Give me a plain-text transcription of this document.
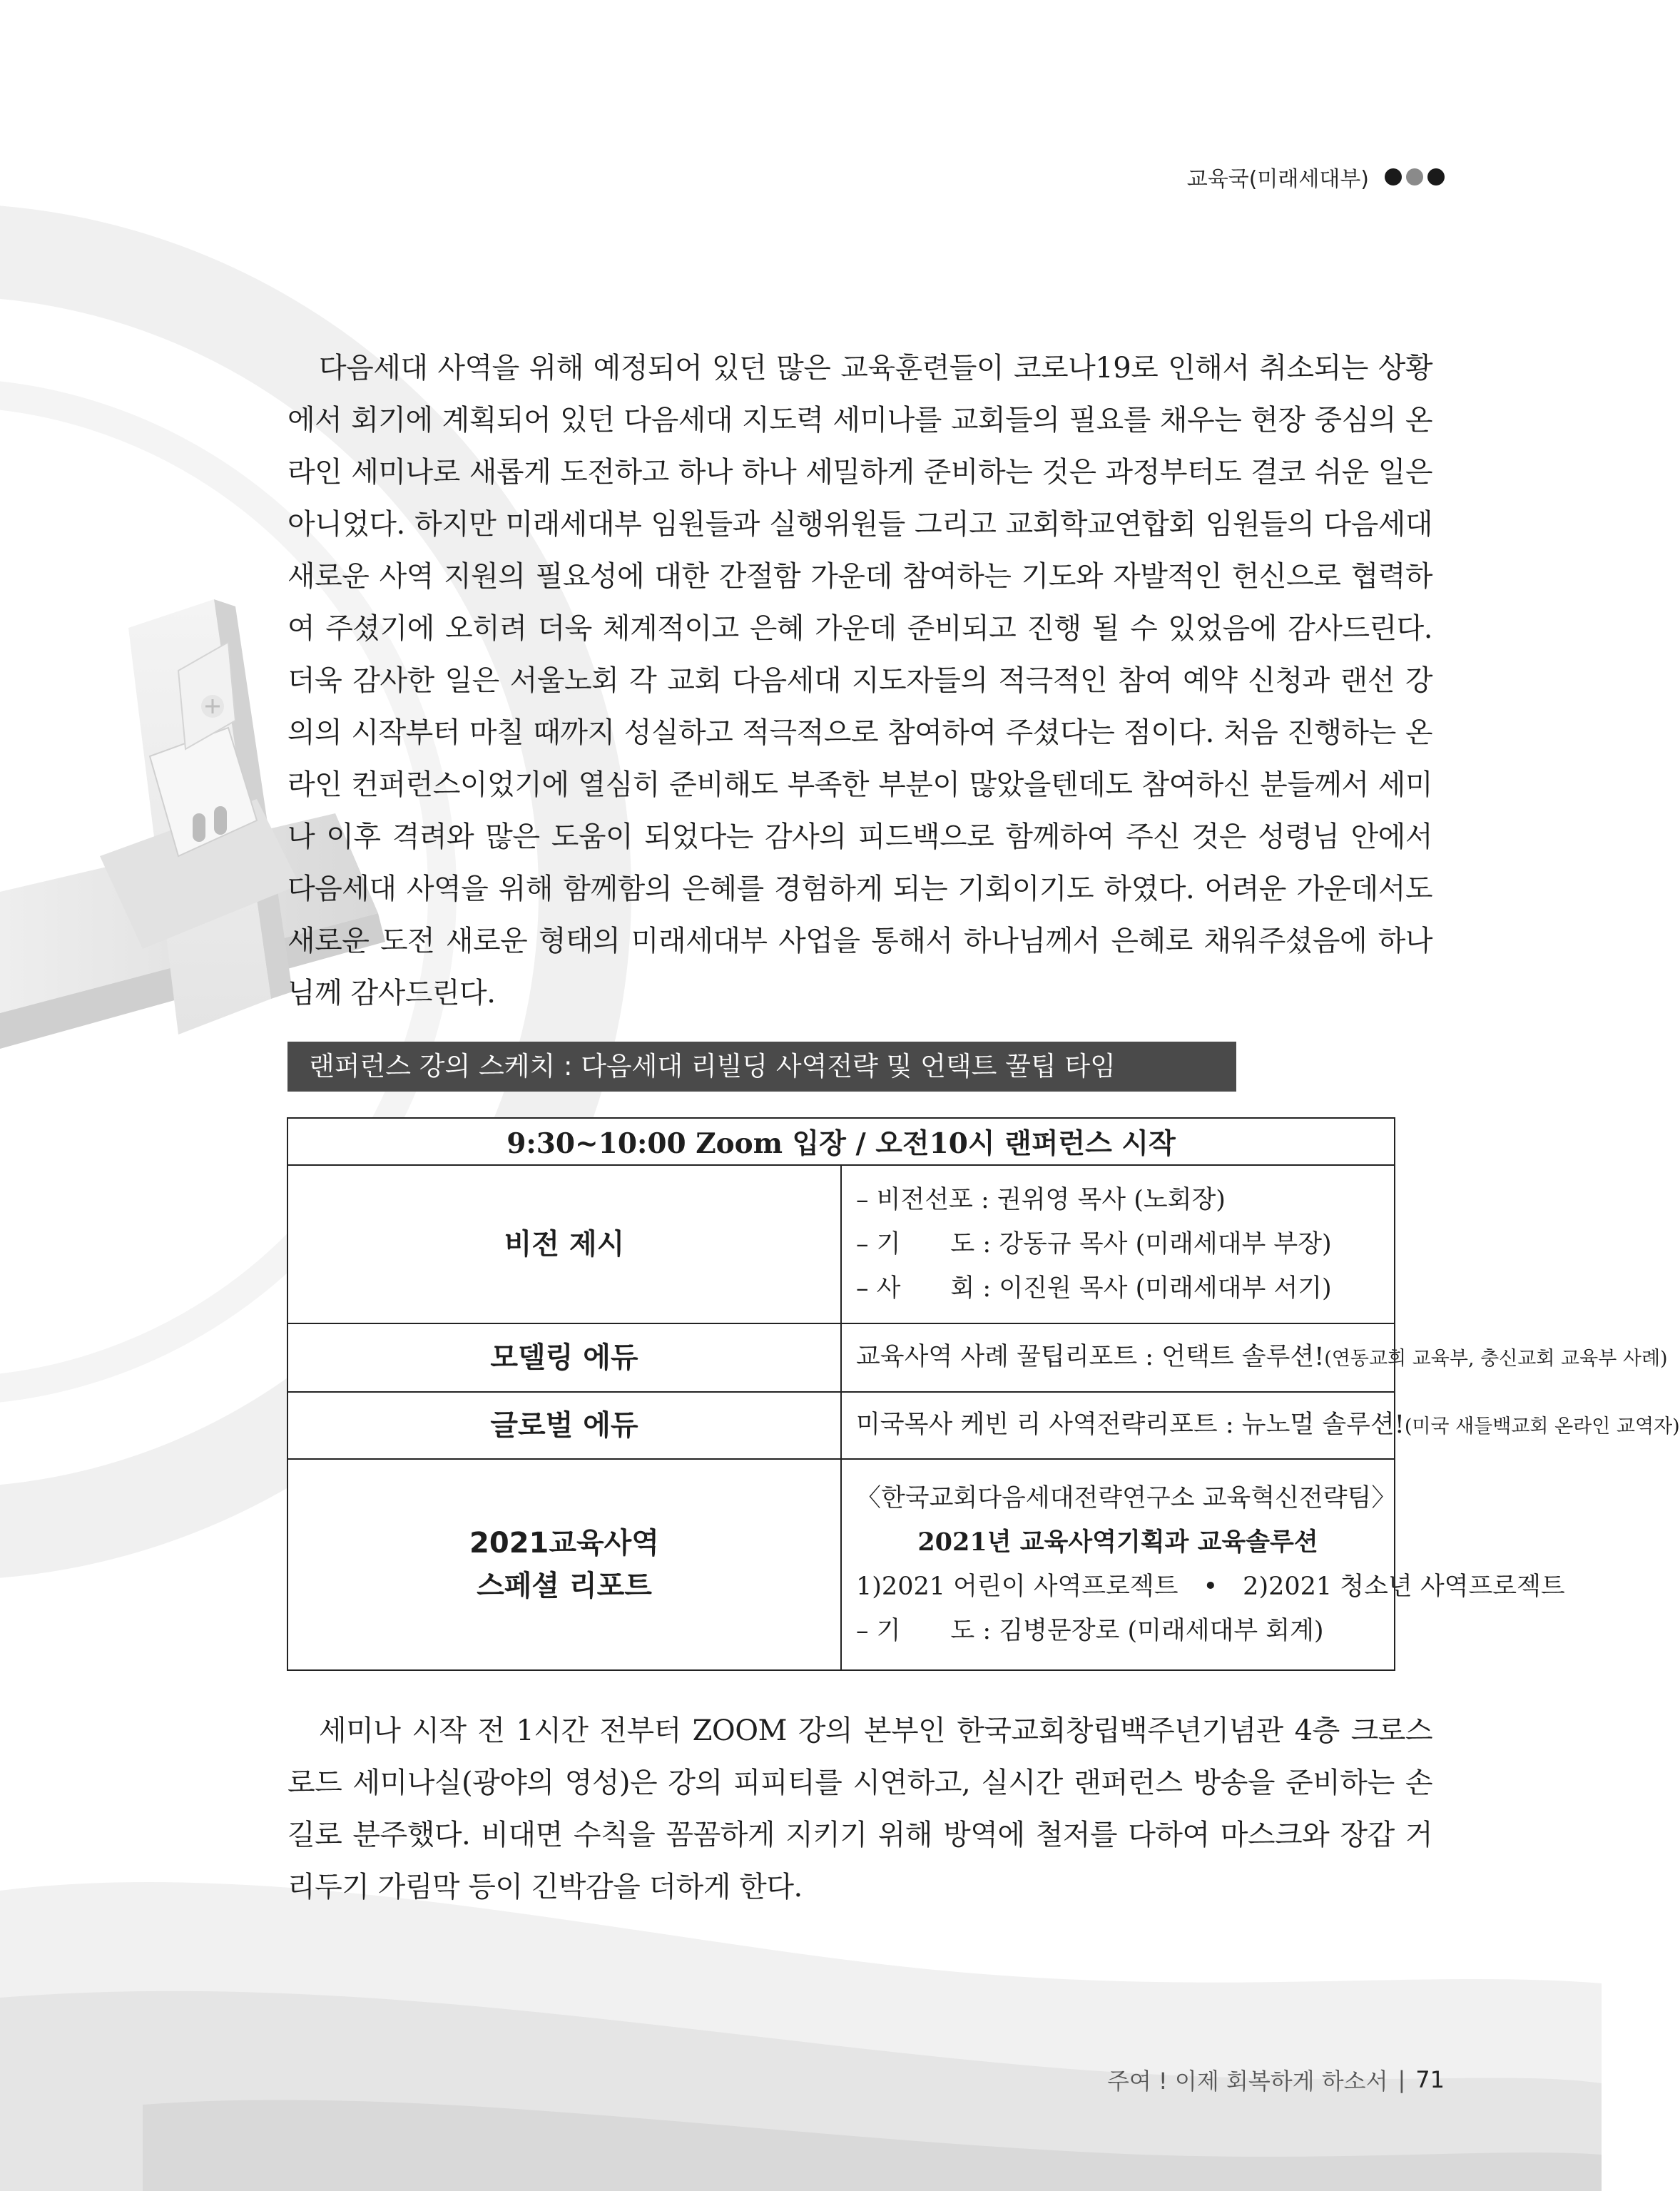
교육국(미래세대부)

다음세대 사역을 위해 예정되어 있던 많은 교육훈련들이 코로나19로 인해서 취소되는 상황에서 회기에 계획되어 있던 다음세대 지도력 세미나를 교회들의 필요를 채우는 현장 중심의 온라인 세미나로 새롭게 도전하고 하나 하나 세밀하게 준비하는 것은 과정부터도 결코 쉬운 일은 아니었다. 하지만 미래세대부 임원들과 실행위원들 그리고 교회학교연합회 임원들의 다음세대 새로운 사역 지원의 필요성에 대한 간절함 가운데 참여하는 기도와 자발적인 헌신으로 협력하여 주셨기에 오히려 더욱 체계적이고 은혜 가운데 준비되고 진행 될 수 있었음에 감사드린다. 더욱 감사한 일은 서울노회 각 교회 다음세대 지도자들의 적극적인 참여 예약 신청과 랜선 강의의 시작부터 마칠 때까지 성실하고 적극적으로 참여하여 주셨다는 점이다. 처음 진행하는 온라인 컨퍼런스이었기에 열심히 준비해도 부족한 부분이 많았을텐데도 참여하신 분들께서 세미나 이후 격려와 많은 도움이 되었다는 감사의 피드백으로 함께하여 주신 것은 성령님 안에서 다음세대 사역을 위해 함께함의 은혜를 경험하게 되는 기회이기도 하였다. 어려운 가운데서도 새로운 도전 새로운 형태의 미래세대부 사업을 통해서 하나님께서 은혜로 채워주셨음에 하나님께 감사드린다.

랜퍼런스 강의 스케치 : 다음세대 리빌딩 사역전략 및 언택트 꿀팁 타임
9:30~10:00 Zoom 입장 / 오전10시 랜퍼런스 시작	
비전 제시	– 비전선포 : 권위영 목사 (노회장)
– 기　　도 : 강동규 목사 (미래세대부 부장)
– 사　　회 : 이진원 목사 (미래세대부 서기)

모델링 에듀	교육사역 사례 꿀팁리포트 : 언택트 솔루션!(연동교회 교육부, 충신교회 교육부 사례)

글로벌 에듀	미국목사 케빈 리 사역전략리포트 : 뉴노멀 솔루션!(미국 새들백교회 온라인 교역자)

2021교육사역
스페셜 리포트	〈한국교회다음세대전략연구소 교육혁신전략팀〉
2021년 교육사역기획과 교육솔루션
1)2021 어린이 사역프로젝트　•　2)2021 청소년 사역프로젝트
– 기　　도 : 김병문장로 (미래세대부 회계)

세미나 시작 전 1시간 전부터 ZOOM 강의 본부인 한국교회창립백주년기념관 4층 크로스로드 세미나실(광야의 영성)은 강의 피피티를 시연하고, 실시간 랜퍼런스 방송을 준비하는 손길로 분주했다. 비대면 수칙을 꼼꼼하게 지키기 위해 방역에 철저를 다하여 마스크와 장갑 거리두기 가림막 등이 긴박감을 더하게 한다.

주여 ! 이제 회복하게 하소서 | 71
